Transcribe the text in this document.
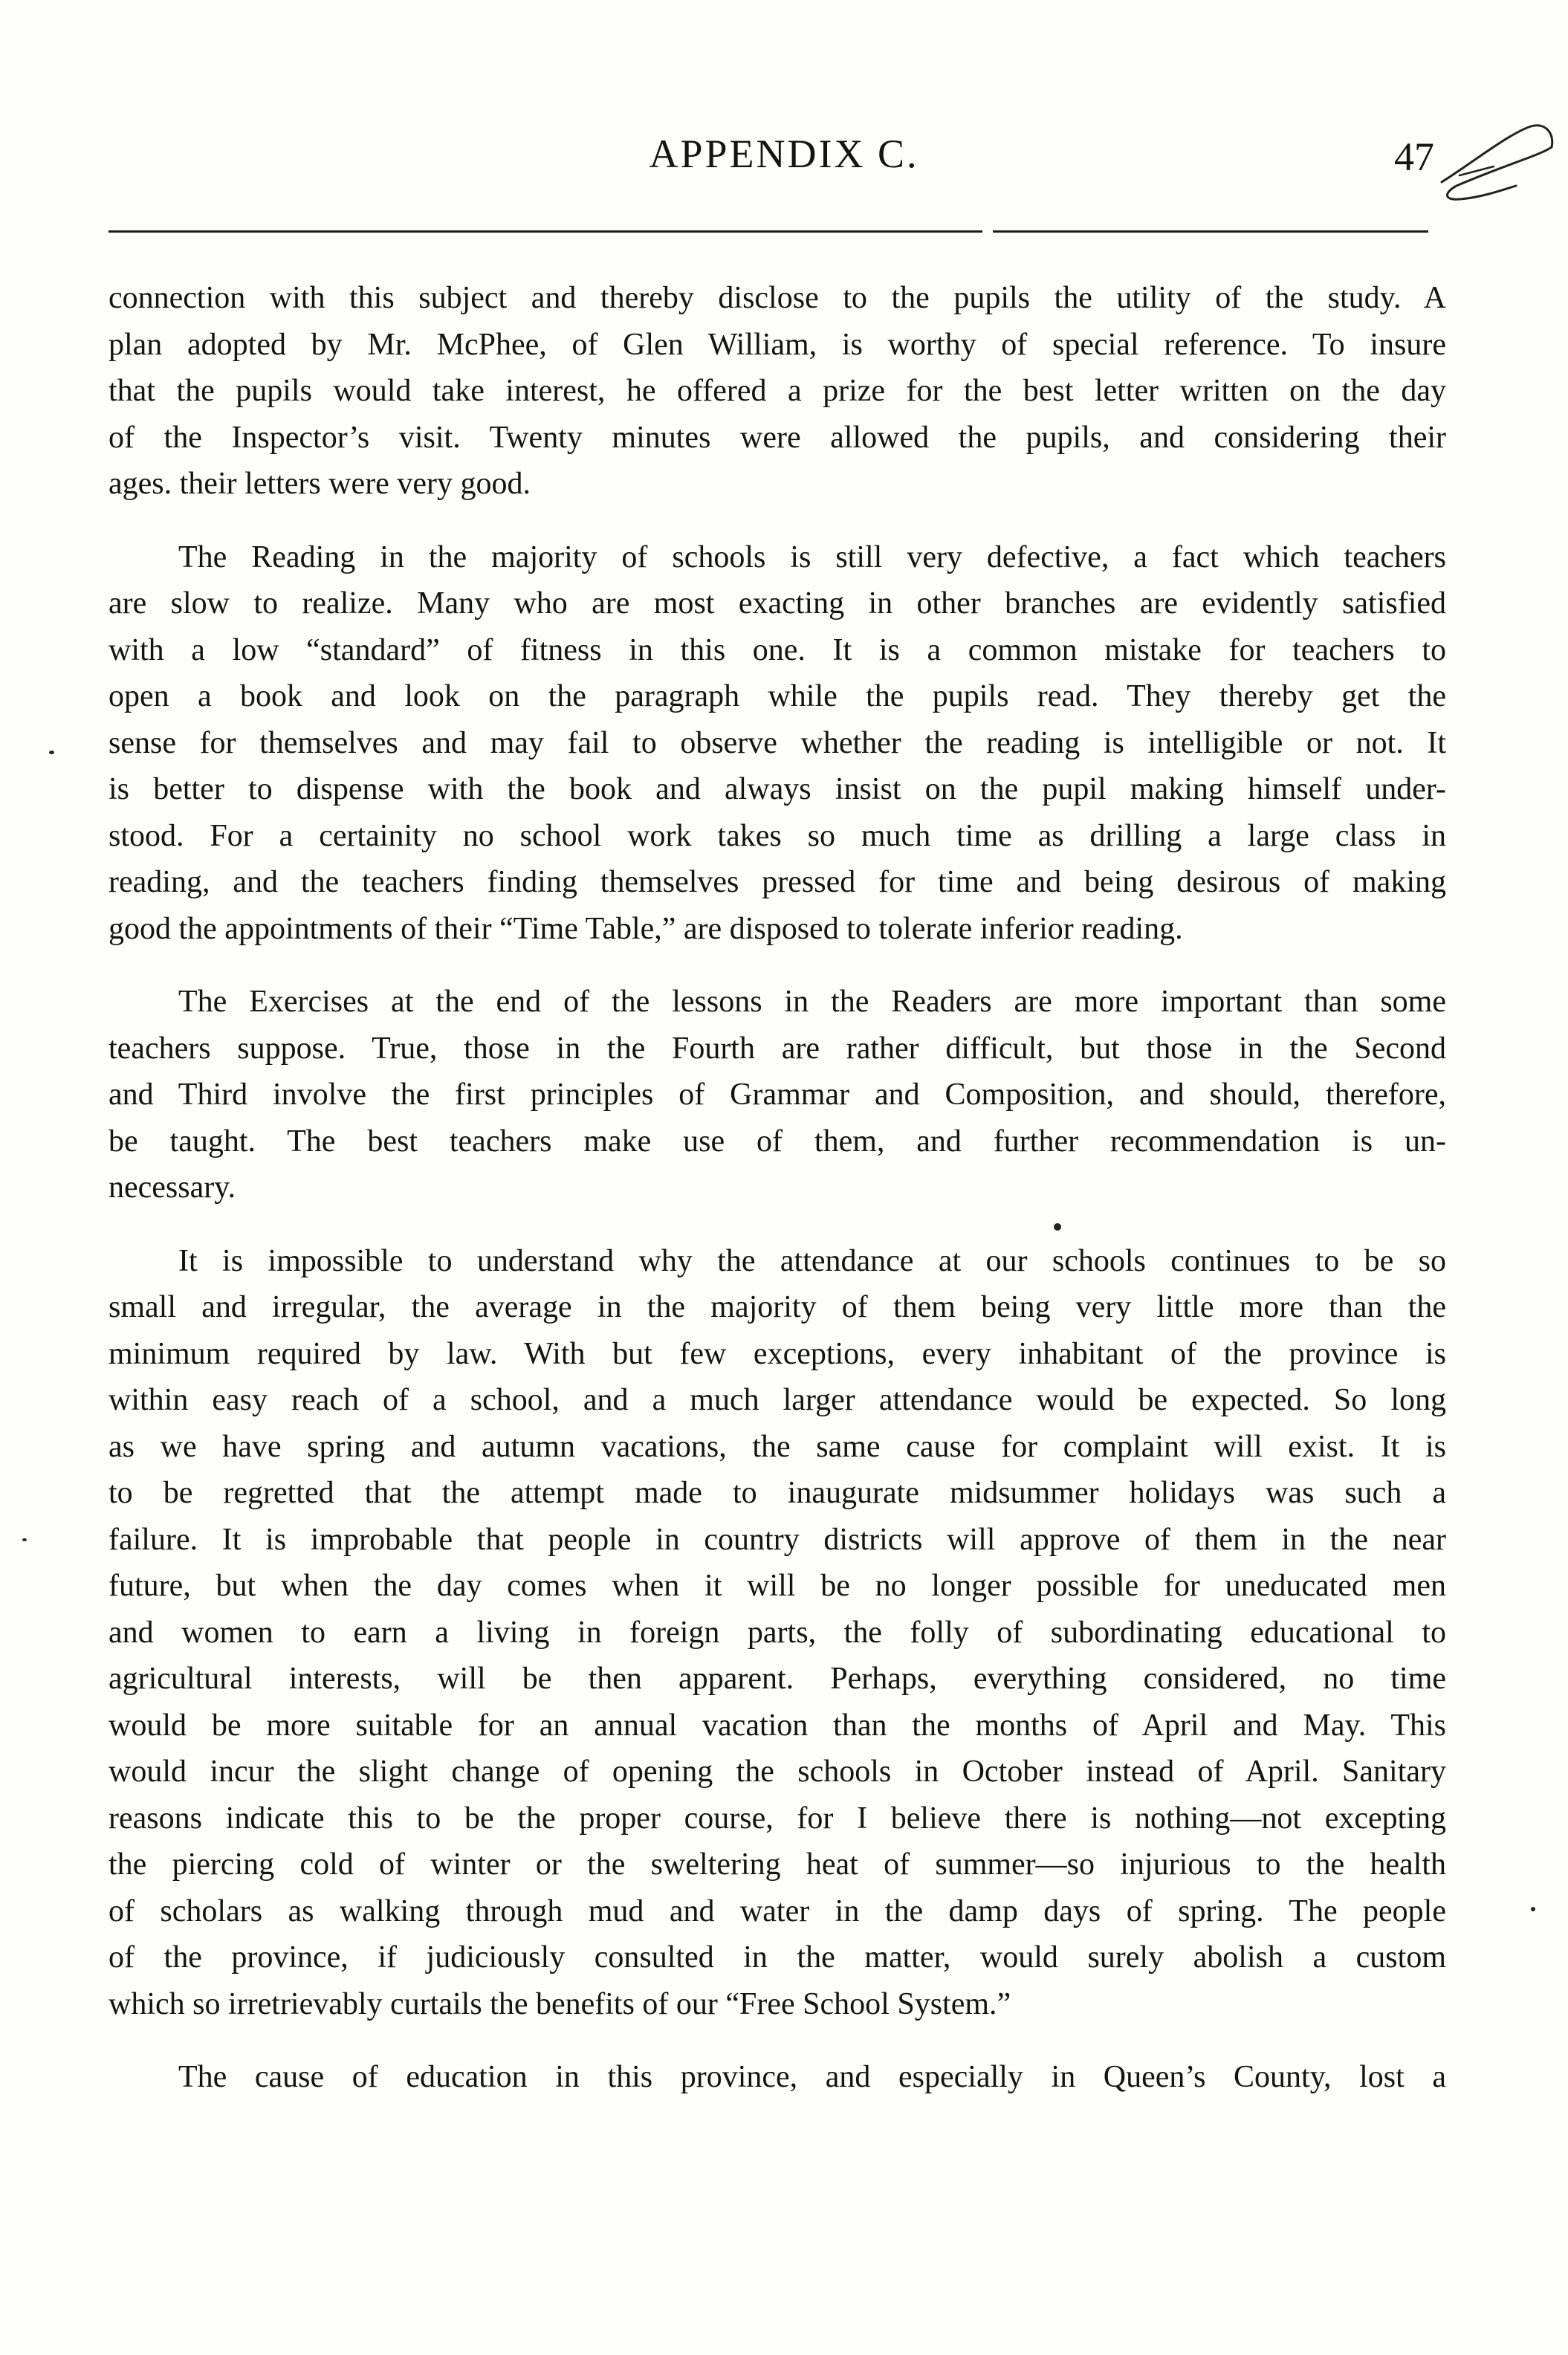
APPENDIX C.	47

connection with this subject and thereby disclose to the pupils the utility of the study. A
plan adopted by Mr. McPhee, of Glen William, is worthy of special reference. To insure
that the pupils would take interest, he offered a prize for the best letter written on the day
of the Inspector’s visit. Twenty minutes were allowed the pupils, and considering their
ages. their letters were very good.

The Reading in the majority of schools is still very defective, a fact which teachers
are slow to realize. Many who are most exacting in other branches are evidently satisfied
with a low “standard” of fitness in this one. It is a common mistake for teachers to
open a book and look on the paragraph while the pupils read. They thereby get the
sense for themselves and may fail to observe whether the reading is intelligible or not. It
is better to dispense with the book and always insist on the pupil making himself under-
stood. For a certainity no school work takes so much time as drilling a large class in
reading, and the teachers finding themselves pressed for time and being desirous of making
good the appointments of their “Time Table,” are disposed to tolerate inferior reading.

The Exercises at the end of the lessons in the Readers are more important than some
teachers suppose. True, those in the Fourth are rather difficult, but those in the Second
and Third involve the first principles of Grammar and Composition, and should, therefore,
be taught. The best teachers make use of them, and further recommendation is un-
necessary.

It is impossible to understand why the attendance at our schools continues to be so
small and irregular, the average in the majority of them being very little more than the
minimum required by law. With but few exceptions, every inhabitant of the province is
within easy reach of a school, and a much larger attendance would be expected. So long
as we have spring and autumn vacations, the same cause for complaint will exist. It is
to be regretted that the attempt made to inaugurate midsummer holidays was such a
failure. It is improbable that people in country districts will approve of them in the near
future, but when the day comes when it will be no longer possible for uneducated men
and women to earn a living in foreign parts, the folly of subordinating educational to
agricultural interests, will be then apparent. Perhaps, everything considered, no time
would be more suitable for an annual vacation than the months of April and May. This
would incur the slight change of opening the schools in October instead of April. Sanitary
reasons indicate this to be the proper course, for I believe there is nothing—not excepting
the piercing cold of winter or the sweltering heat of summer—so injurious to the health
of scholars as walking through mud and water in the damp days of spring. The people
of the province, if judiciously consulted in the matter, would surely abolish a custom
which so irretrievably curtails the benefits of our “Free School System.”

The cause of education in this province, and especially in Queen’s County, lost a
